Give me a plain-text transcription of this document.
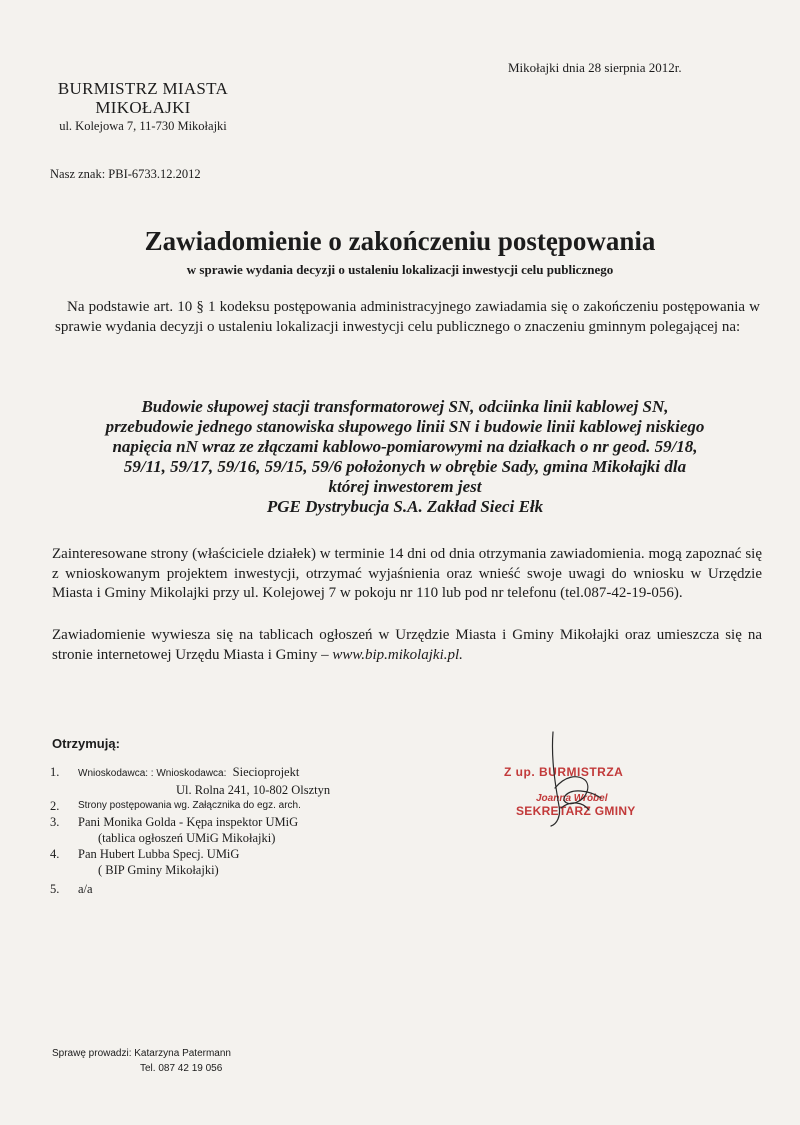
Mikołajki dnia 28 sierpnia 2012r.
BURMISTRZ MIASTA
MIKOŁAJKI
ul. Kolejowa 7, 11-730 Mikołajki
Nasz znak: PBI-6733.12.2012
Zawiadomienie o zakończeniu postępowania
w sprawie wydania decyzji o ustaleniu lokalizacji inwestycji celu publicznego

Na podstawie art. 10 § 1 kodeksu postępowania administracyjnego zawiadamia się o zakończeniu postępowania w sprawie wydania decyzji o ustaleniu lokalizacji inwestycji celu publicznego o znaczeniu gminnym polegającej na:

Budowie słupowej stacji transformatorowej SN, odciinka linii kablowej SN,
przebudowie jednego stanowiska słupowego linii SN i budowie linii kablowej niskiego
napięcia nN wraz ze złączami kablowo-pomiarowymi na działkach o nr geod. 59/18,
59/11, 59/17, 59/16, 59/15, 59/6 położonych w obrębie Sady, gmina Mikołajki dla
której inwestorem jest
PGE Dystrybucja S.A. Zakład Sieci Ełk

Zainteresowane strony (właściciele działek) w terminie 14 dni od dnia otrzymania zawiadomienia. mogą zapoznać się z wnioskowanym projektem inwestycji, otrzymać wyjaśnienia oraz wnieść swoje uwagi do wniosku w Urzędzie Miasta i Gminy Mikolajki przy ul. Kolejowej 7 w pokoju nr 110 lub pod nr telefonu (tel.087-42-19-056).

Zawiadomienie wywiesza się na tablicach ogłoszeń w Urzędzie Miasta i Gminy Mikołajki oraz umieszcza się na stronie internetowej Urzędu Miasta i Gminy – www.bip.mikolajki.pl.

Otrzymują:
1. Wnioskodawca: : Wnioskodawca: Siecioprojekt
Ul. Rolna 241, 10-802 Olsztyn
2. Strony postępowania wg. Załącznika do egz. arch.
3. Pani Monika Golda - Kępa inspektor UMiG
(tablica ogłoszeń UMiG Mikołajki)
4. Pan Hubert Lubba Specj. UMiG
( BIP Gminy Mikołajki)
5. a/a
Z up. BURMISTRZA
Joanna Wróbel
SEKRETARZ GMINY
Sprawę prowadzi: Katarzyna Patermann
Tel. 087 42 19 056
